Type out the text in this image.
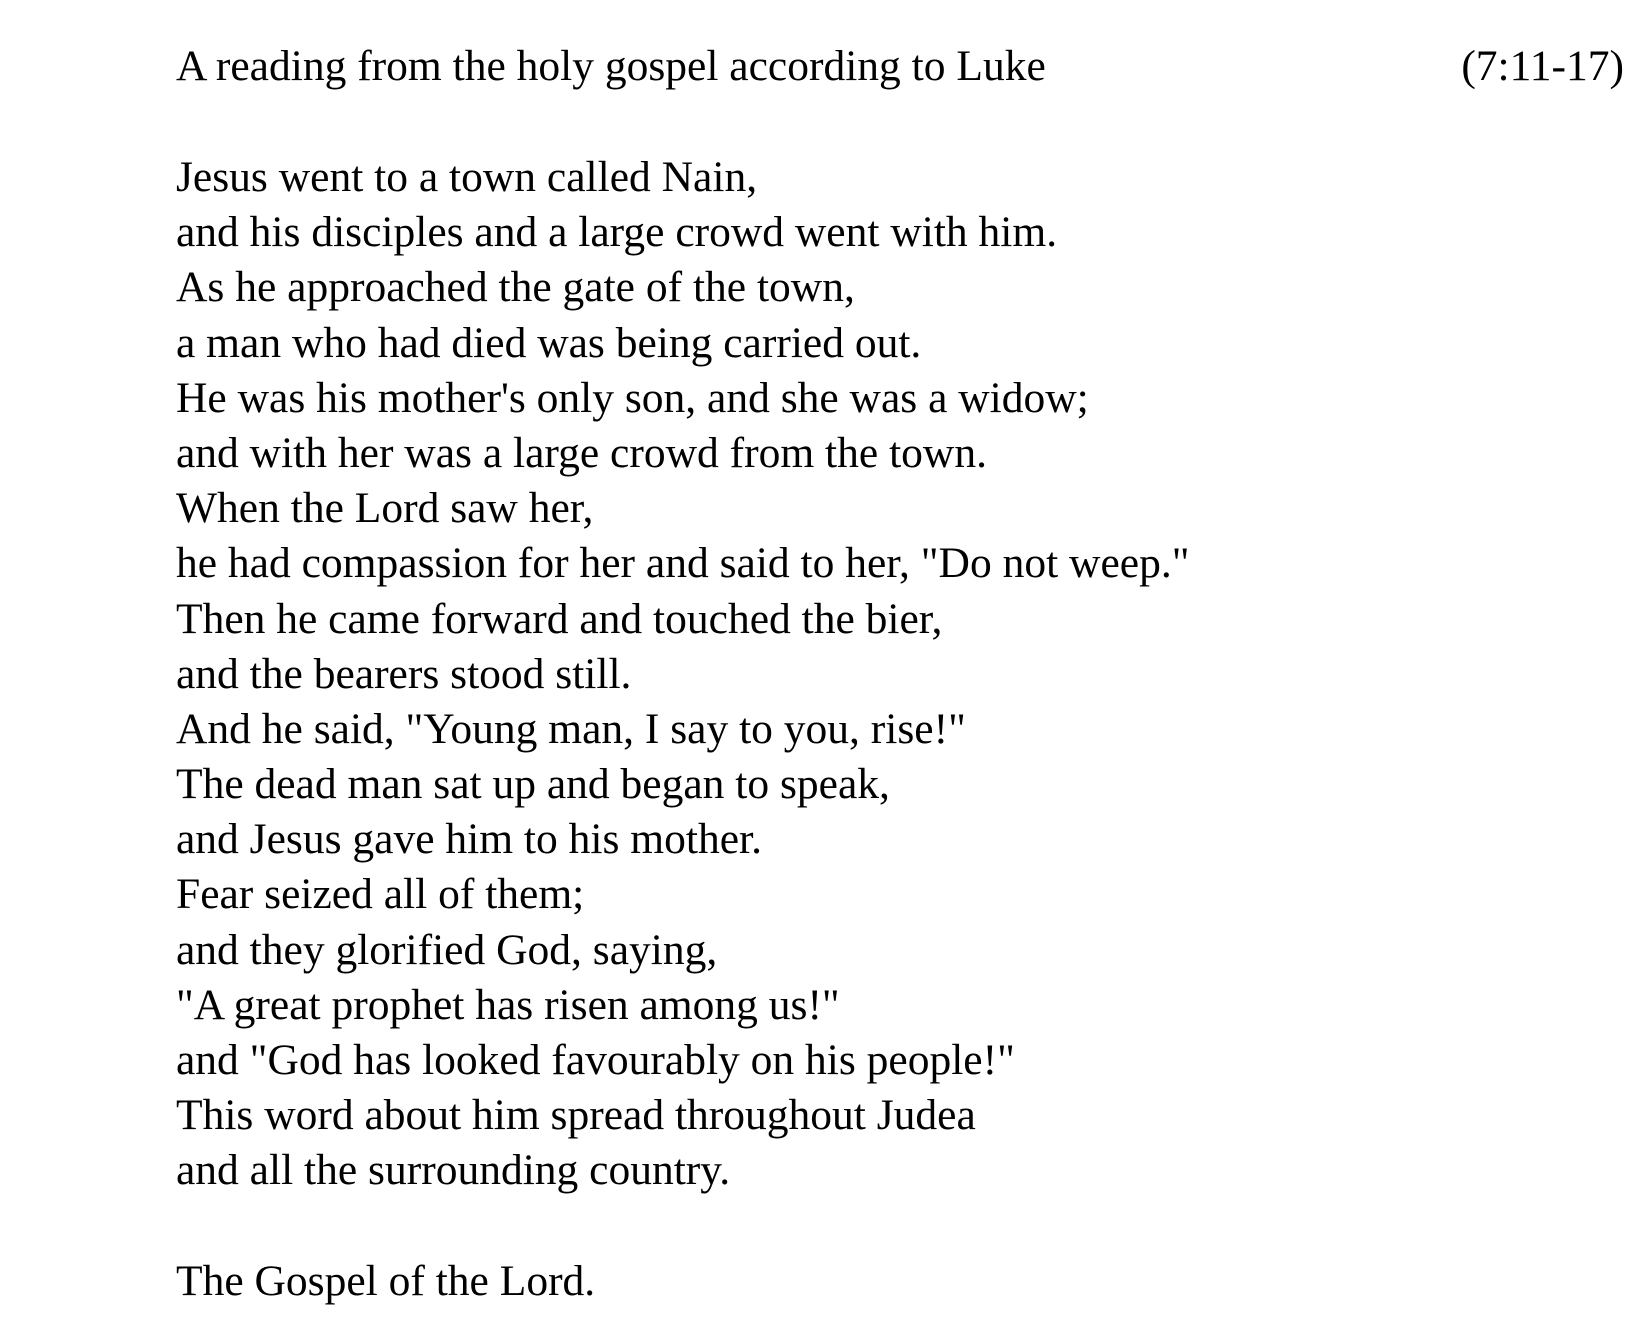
A reading from the holy gospel according to Luke	(7:11-17)
Jesus went to a town called Nain,
and his disciples and a large crowd went with him.
As he approached the gate of the town,
a man who had died was being carried out.
He was his mother's only son, and she was a widow;
and with her was a large crowd from the town.
When the Lord saw her,
he had compassion for her and said to her, "Do not weep."
Then he came forward and touched the bier,
and the bearers stood still.
And he said, "Young man, I say to you, rise!"
The dead man sat up and began to speak,
and Jesus gave him to his mother.
Fear seized all of them;
and they glorified God, saying,
"A great prophet has risen among us!"
and "God has looked favourably on his people!"
This word about him spread throughout Judea
and all the surrounding country.
The Gospel of the Lord.
